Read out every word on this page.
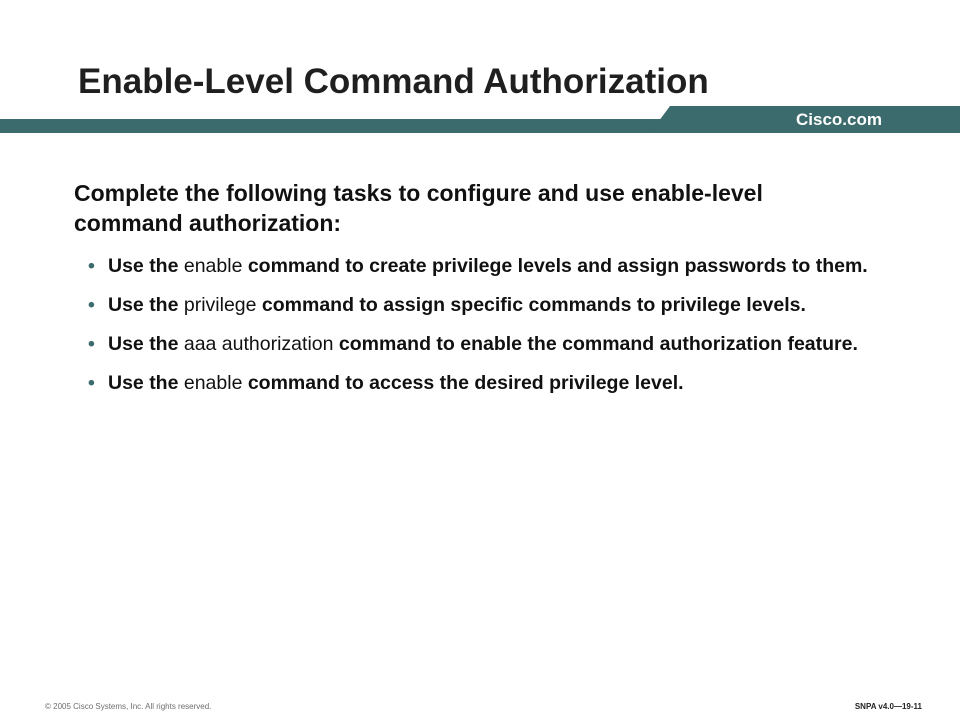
Enable-Level Command Authorization
Cisco.com
Complete the following tasks to configure and use enable-level command authorization:
• Use the enable command to create privilege levels and assign passwords to them.
• Use the privilege command to assign specific commands to privilege levels.
• Use the aaa authorization command to enable the command authorization feature.
• Use the enable command to access the desired privilege level.
© 2005 Cisco Systems, Inc. All rights reserved.	SNPA v4.0—19-11
